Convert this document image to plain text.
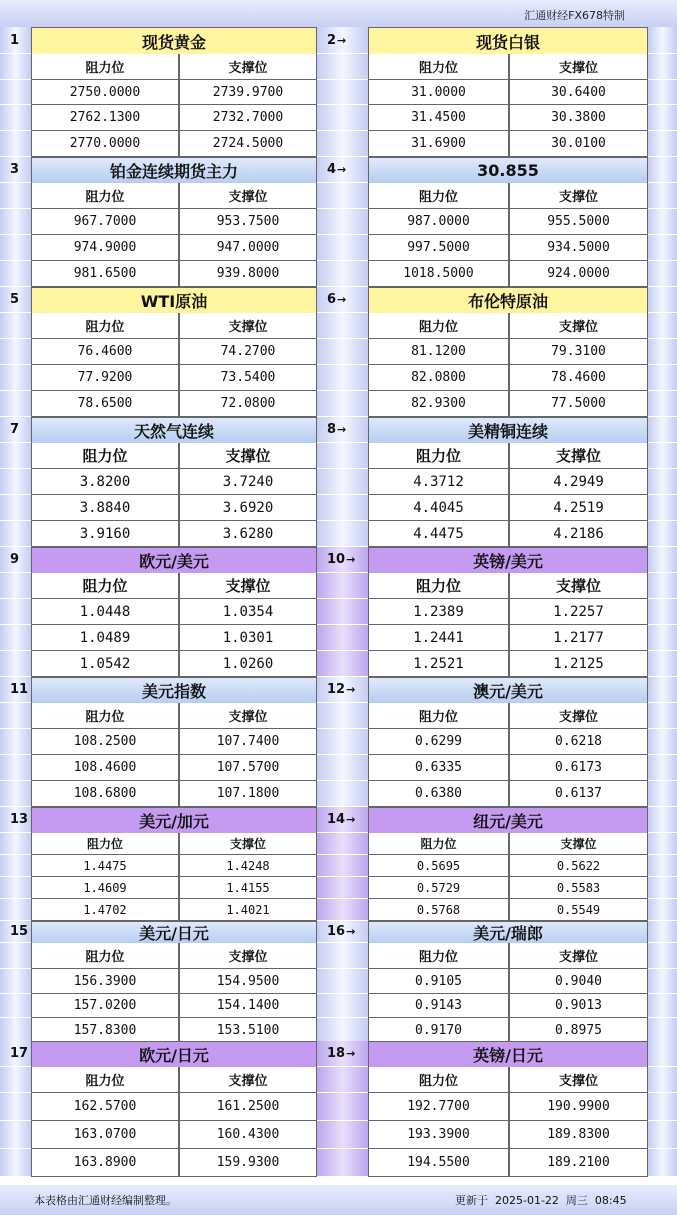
汇通财经FX678特制
1	2 →
现货黄金	现货白银
阻力位	支撑位	阻力位	支撑位
2750.0000	2739.9700	31.0000	30.6400
2762.1300	2732.7000	31.4500	30.3800
2770.0000	2724.5000	31.6900	30.0100
3	4 →
铂金连续期货主力	30.855
阻力位	支撑位	阻力位	支撑位
967.7000	953.7500	987.0000	955.5000
974.9000	947.0000	997.5000	934.5000
981.6500	939.8000	1018.5000	924.0000
5	6 →
WTI原油	布伦特原油
阻力位	支撑位	阻力位	支撑位
76.4600	74.2700	81.1200	79.3100
77.9200	73.5400	82.0800	78.4600
78.6500	72.0800	82.9300	77.5000
7	8 →
天然气连续	美精铜连续
阻力位	支撑位	阻力位	支撑位
3.8200	3.7240	4.3712	4.2949
3.8840	3.6920	4.4045	4.2519
3.9160	3.6280	4.4475	4.2186
9	10 →
欧元/美元	英镑/美元
阻力位	支撑位	阻力位	支撑位
1.0448	1.0354	1.2389	1.2257
1.0489	1.0301	1.2441	1.2177
1.0542	1.0260	1.2521	1.2125
11	12 →
美元指数	澳元/美元
阻力位	支撑位	阻力位	支撑位
108.2500	107.7400	0.6299	0.6218
108.4600	107.5700	0.6335	0.6173
108.6800	107.1800	0.6380	0.6137
13	14 →
美元/加元	纽元/美元
阻力位	支撑位	阻力位	支撑位
1.4475	1.4248	0.5695	0.5622
1.4609	1.4155	0.5729	0.5583
1.4702	1.4021	0.5768	0.5549
15	16 →
美元/日元	美元/瑞郎
阻力位	支撑位	阻力位	支撑位
156.3900	154.9500	0.9105	0.9040
157.0200	154.1400	0.9143	0.9013
157.8300	153.5100	0.9170	0.8975
17	18 →
欧元/日元	英镑/日元
阻力位	支撑位	阻力位	支撑位
162.5700	161.2500	192.7700	190.9900
163.0700	160.4300	193.3900	189.8300
163.8900	159.9300	194.5500	189.2100
本表格由汇通财经编制整理。	更新于  2025-01-22  周三  08:45
